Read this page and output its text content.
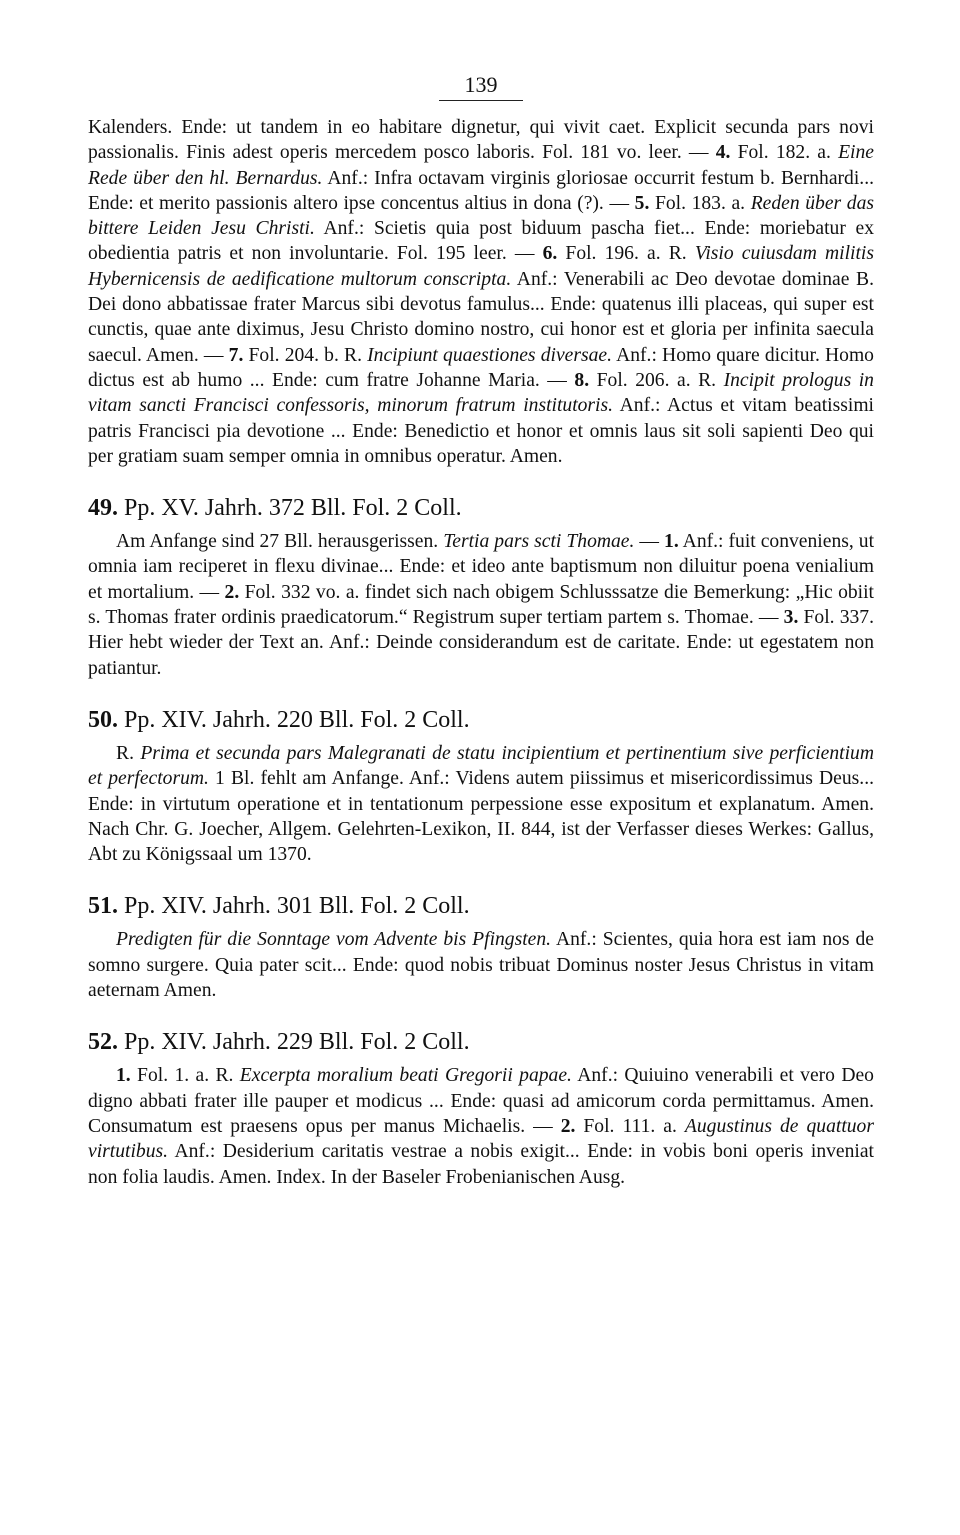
139

Kalenders. Ende: ut tandem in eo habitare dignetur, qui vivit caet. Explicit secunda pars novi passionalis. Finis adest operis mercedem posco laboris. Fol. 181 vo. leer. — 4. Fol. 182. a. Eine Rede über den hl. Bernardus. Anf.: Infra octavam virginis gloriosae occurrit festum b. Bernhardi... Ende: et merito passionis altero ipse concentus altius in dona (?). — 5. Fol. 183. a. Reden über das bittere Leiden Jesu Christi. Anf.: Scietis quia post biduum pascha fiet... Ende: moriebatur ex obedientia patris et non involuntarie. Fol. 195 leer. — 6. Fol. 196. a. R. Visio cuiusdam militis Hybernicensis de aedificatione multorum conscripta. Anf.: Venerabili ac Deo devotae dominae B. Dei dono abbatissae frater Marcus sibi devotus famulus... Ende: quatenus illi placeas, qui super est cunctis, quae ante diximus, Jesu Christo domino nostro, cui honor est et gloria per infinita saecula saecul. Amen. — 7. Fol. 204. b. R. Incipiunt quaestiones diversae. Anf.: Homo quare dicitur. Homo dictus est ab humo ... Ende: cum fratre Johanne Maria. — 8. Fol. 206. a. R. Incipit prologus in vitam sancti Francisci confessoris, minorum fratrum institutoris. Anf.: Actus et vitam beatissimi patris Francisci pia devotione ... Ende: Benedictio et honor et omnis laus sit soli sapienti Deo qui per gratiam suam semper omnia in omnibus operatur. Amen.

49. Pp. XV. Jahrh. 372 Bll. Fol. 2 Coll.

Am Anfange sind 27 Bll. herausgerissen. Tertia pars scti Thomae. — 1. Anf.: fuit conveniens, ut omnia iam reciperet in flexu divinae... Ende: et ideo ante baptismum non diluitur poena venialium et mortalium. — 2. Fol. 332 vo. a. findet sich nach obigem Schlusssatze die Bemerkung: „Hic obiit s. Thomas frater ordinis praedicatorum.“ Registrum super tertiam partem s. Thomae. — 3. Fol. 337. Hier hebt wieder der Text an. Anf.: Deinde considerandum est de caritate. Ende: ut egestatem non patiantur.

50. Pp. XIV. Jahrh. 220 Bll. Fol. 2 Coll.

R. Prima et secunda pars Malegranati de statu incipientium et pertinentium sive perficientium et perfectorum. 1 Bl. fehlt am Anfange. Anf.: Videns autem piissimus et misericordissimus Deus... Ende: in virtutum operatione et in tentationum perpessione esse expositum et explanatum. Amen. Nach Chr. G. Joecher, Allgem. Gelehrten-Lexikon, II. 844, ist der Verfasser dieses Werkes: Gallus, Abt zu Königssaal um 1370.

51. Pp. XIV. Jahrh. 301 Bll. Fol. 2 Coll.

Predigten für die Sonntage vom Advente bis Pfingsten. Anf.: Scientes, quia hora est iam nos de somno surgere. Quia pater scit... Ende: quod nobis tribuat Dominus noster Jesus Christus in vitam aeternam Amen.

52. Pp. XIV. Jahrh. 229 Bll. Fol. 2 Coll.

1. Fol. 1. a. R. Excerpta moralium beati Gregorii papae. Anf.: Quiuino venerabili et vero Deo digno abbati frater ille pauper et modicus ... Ende: quasi ad amicorum corda permittamus. Amen. Consumatum est praesens opus per manus Michaelis. — 2. Fol. 111. a. Augustinus de quattuor virtutibus. Anf.: Desiderium caritatis vestrae a nobis exigit... Ende: in vobis boni operis inveniat non folia laudis. Amen. Index. In der Baseler Frobenianischen Ausg.
